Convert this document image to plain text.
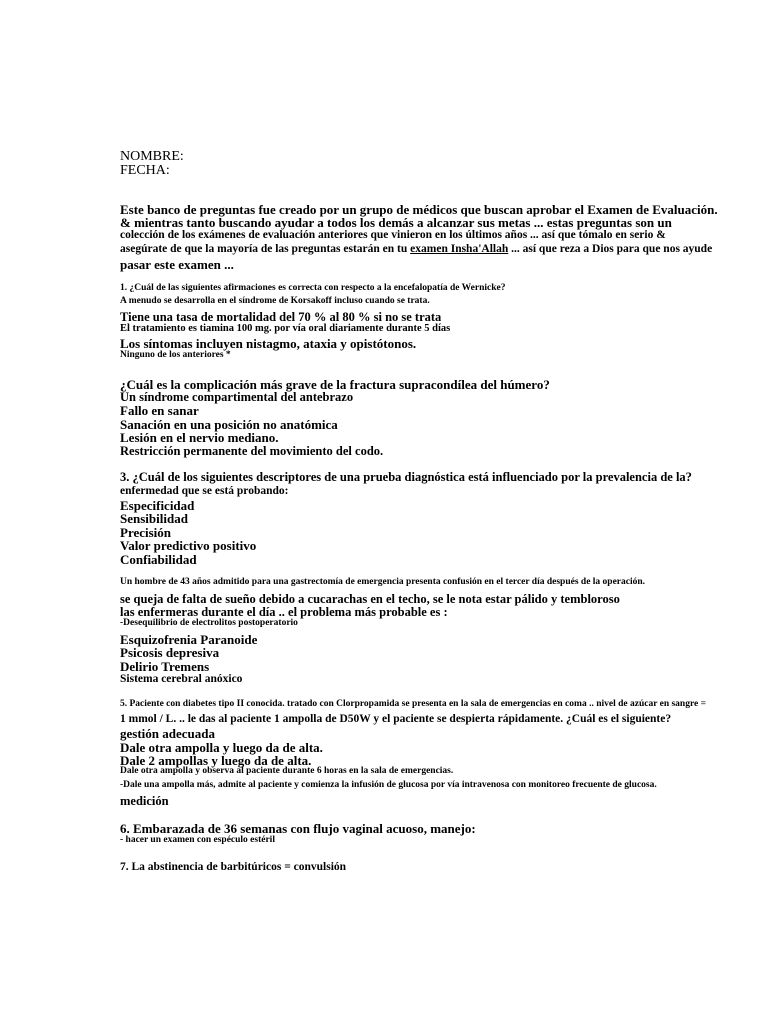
NOMBRE:
FECHA:
Este banco de preguntas fue creado por un grupo de médicos que buscan aprobar el Examen de Evaluación.
& mientras tanto buscando ayudar a todos los demás a alcanzar sus metas ... estas preguntas son un
colección de los exámenes de evaluación anteriores que vinieron en los últimos años ... así que tómalo en serio &
asegúrate de que la mayoría de las preguntas estarán en tu examen Insha'Allah ... así que reza a Dios para que nos ayude
pasar este examen ...
1. ¿Cuál de las siguientes afirmaciones es correcta con respecto a la encefalopatía de Wernicke?
A menudo se desarrolla en el síndrome de Korsakoff incluso cuando se trata.
Tiene una tasa de mortalidad del 70 % al 80 % si no se trata
El tratamiento es tiamina 100 mg. por vía oral diariamente durante 5 días
Los síntomas incluyen nistagmo, ataxia y opistótonos.
Ninguno de los anteriores *
¿Cuál es la complicación más grave de la fractura supracondílea del húmero?
Un síndrome compartimental del antebrazo
Fallo en sanar
Sanación en una posición no anatómica
Lesión en el nervio mediano.
Restricción permanente del movimiento del codo.
3. ¿Cuál de los siguientes descriptores de una prueba diagnóstica está influenciado por la prevalencia de la?
enfermedad que se está probando:
Especificidad
Sensibilidad
Precisión
Valor predictivo positivo
Confiabilidad
Un hombre de 43 años admitido para una gastrectomía de emergencia presenta confusión en el tercer día después de la operación.
se queja de falta de sueño debido a cucarachas en el techo, se le nota estar pálido y tembloroso
las enfermeras durante el día .. el problema más probable es :
-Desequilibrio de electrolitos postoperatorio
Esquizofrenia Paranoide
Psicosis depresiva
Delirio Tremens
Sistema cerebral anóxico
5. Paciente con diabetes tipo II conocida. tratado con Clorpropamida se presenta en la sala de emergencias en coma .. nivel de azúcar en sangre =
1 mmol / L. .. le das al paciente 1 ampolla de D50W y el paciente se despierta rápidamente. ¿Cuál es el siguiente?
gestión adecuada
Dale otra ampolla y luego da de alta.
Dale 2 ampollas y luego da de alta.
Dale otra ampolla y observa al paciente durante 6 horas en la sala de emergencias.
-Dale una ampolla más, admite al paciente y comienza la infusión de glucosa por vía intravenosa con monitoreo frecuente de glucosa.
medición
6. Embarazada de 36 semanas con flujo vaginal acuoso, manejo:
- hacer un examen con espéculo estéril
7. La abstinencia de barbitúricos = convulsión
